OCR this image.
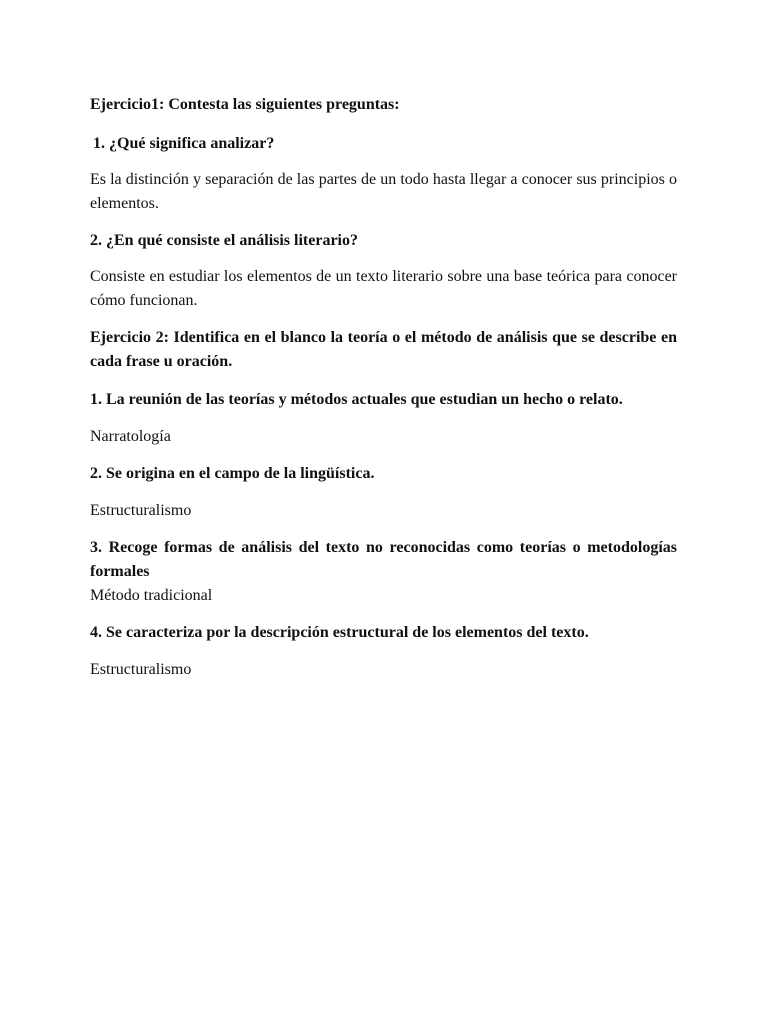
Ejercicio1: Contesta las siguientes preguntas:

1. ¿Qué significa analizar?

Es la distinción y separación de las partes de un todo hasta llegar a conocer sus principios o elementos.

2. ¿En qué consiste el análisis literario?

Consiste en estudiar los elementos de un texto literario sobre una base teórica para conocer cómo funcionan.

Ejercicio 2: Identifica en el blanco la teoría o el método de análisis que se describe en cada frase u oración.

1. La reunión de las teorías y métodos actuales que estudian un hecho o relato.

Narratología

2. Se origina en el campo de la lingüística.

Estructuralismo

3. Recoge formas de análisis del texto no reconocidas como teorías o metodologías formales

Método tradicional

4. Se caracteriza por la descripción estructural de los elementos del texto.

Estructuralismo
